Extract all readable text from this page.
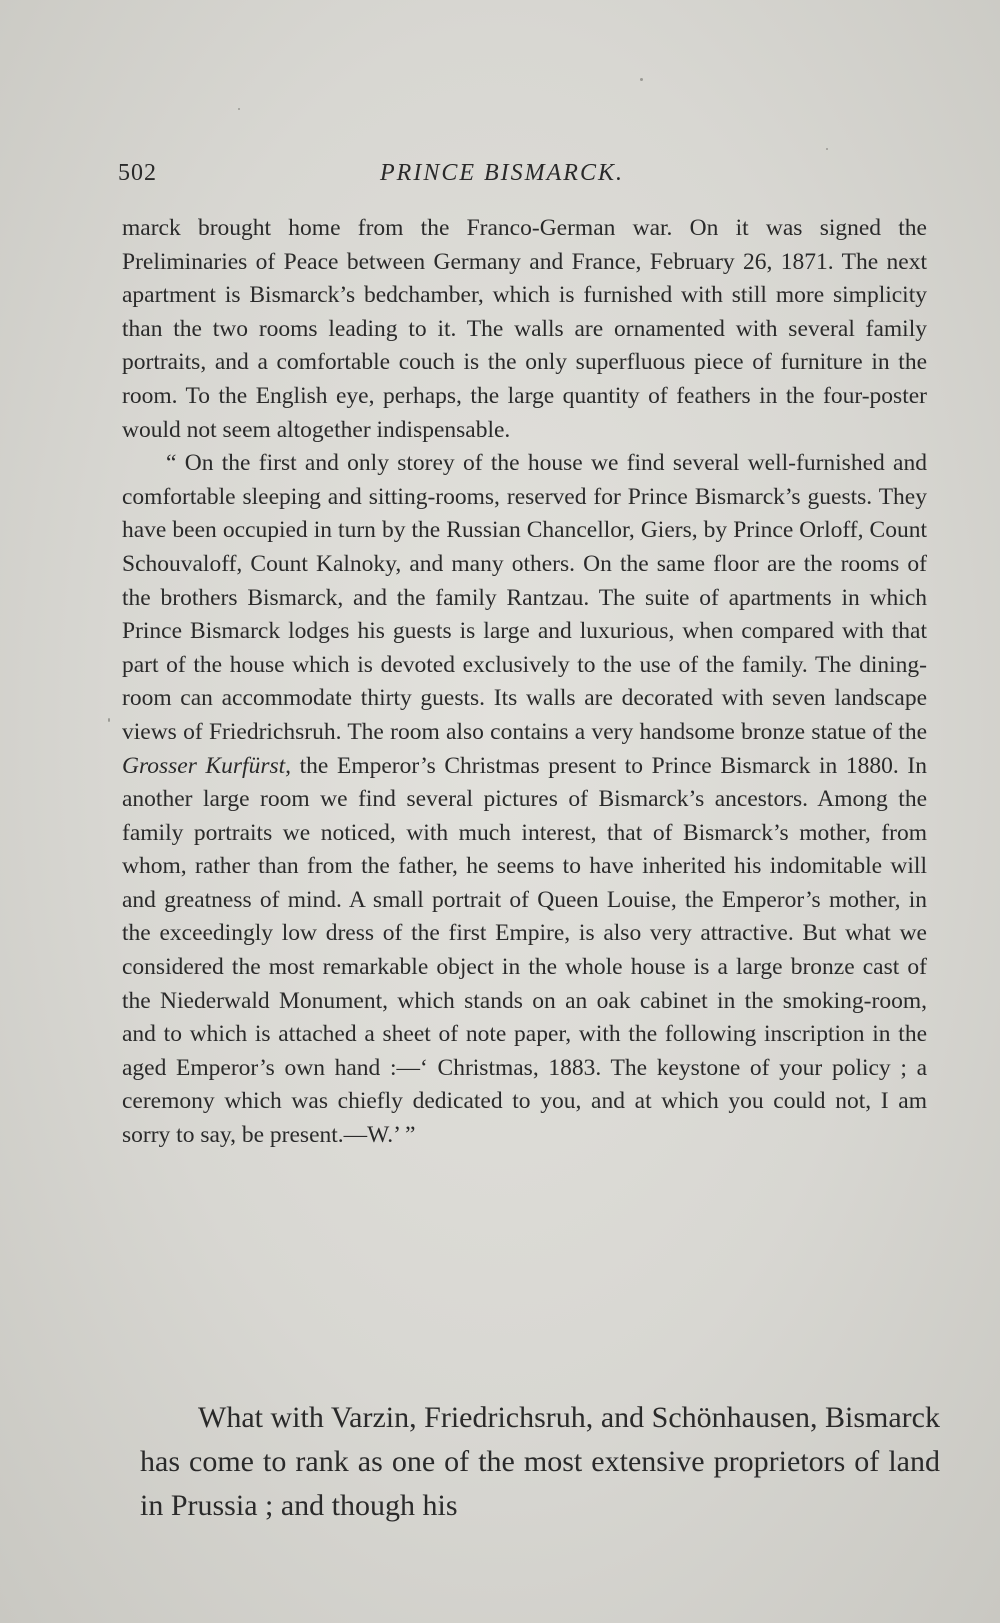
502	PRINCE BISMARCK.

marck brought home from the Franco-German war. On it was signed the Preliminaries of Peace between Germany and France, February 26, 1871. The next apartment is Bismarck’s bedchamber, which is furnished with still more simplicity than the two rooms leading to it. The walls are ornamented with several family portraits, and a comfortable couch is the only superfluous piece of furniture in the room. To the English eye, perhaps, the large quantity of feathers in the four-poster would not seem altogether indispensable.

“ On the first and only storey of the house we find several well-furnished and comfortable sleeping and sitting-rooms, reserved for Prince Bismarck’s guests. They have been occupied in turn by the Russian Chancellor, Giers, by Prince Orloff, Count Schouvaloff, Count Kalnoky, and many others. On the same floor are the rooms of the brothers Bismarck, and the family Rantzau. The suite of apartments in which Prince Bismarck lodges his guests is large and luxurious, when compared with that part of the house which is devoted exclusively to the use of the family. The dining-room can accommodate thirty guests. Its walls are decorated with seven landscape views of Friedrichsruh. The room also contains a very handsome bronze statue of the Grosser Kurfürst, the Emperor’s Christmas present to Prince Bismarck in 1880. In another large room we find several pictures of Bismarck’s ancestors. Among the family portraits we noticed, with much interest, that of Bismarck’s mother, from whom, rather than from the father, he seems to have inherited his indomitable will and greatness of mind. A small portrait of Queen Louise, the Emperor’s mother, in the exceedingly low dress of the first Empire, is also very attractive. But what we considered the most remarkable object in the whole house is a large bronze cast of the Niederwald Monument, which stands on an oak cabinet in the smoking-room, and to which is attached a sheet of note paper, with the following inscription in the aged Emperor’s own hand :—‘ Christmas, 1883. The keystone of your policy ; a ceremony which was chiefly dedicated to you, and at which you could not, I am sorry to say, be present.—W.’ ”

What with Varzin, Friedrichsruh, and Schönhausen, Bismarck has come to rank as one of the most extensive proprietors of land in Prussia ; and though his
